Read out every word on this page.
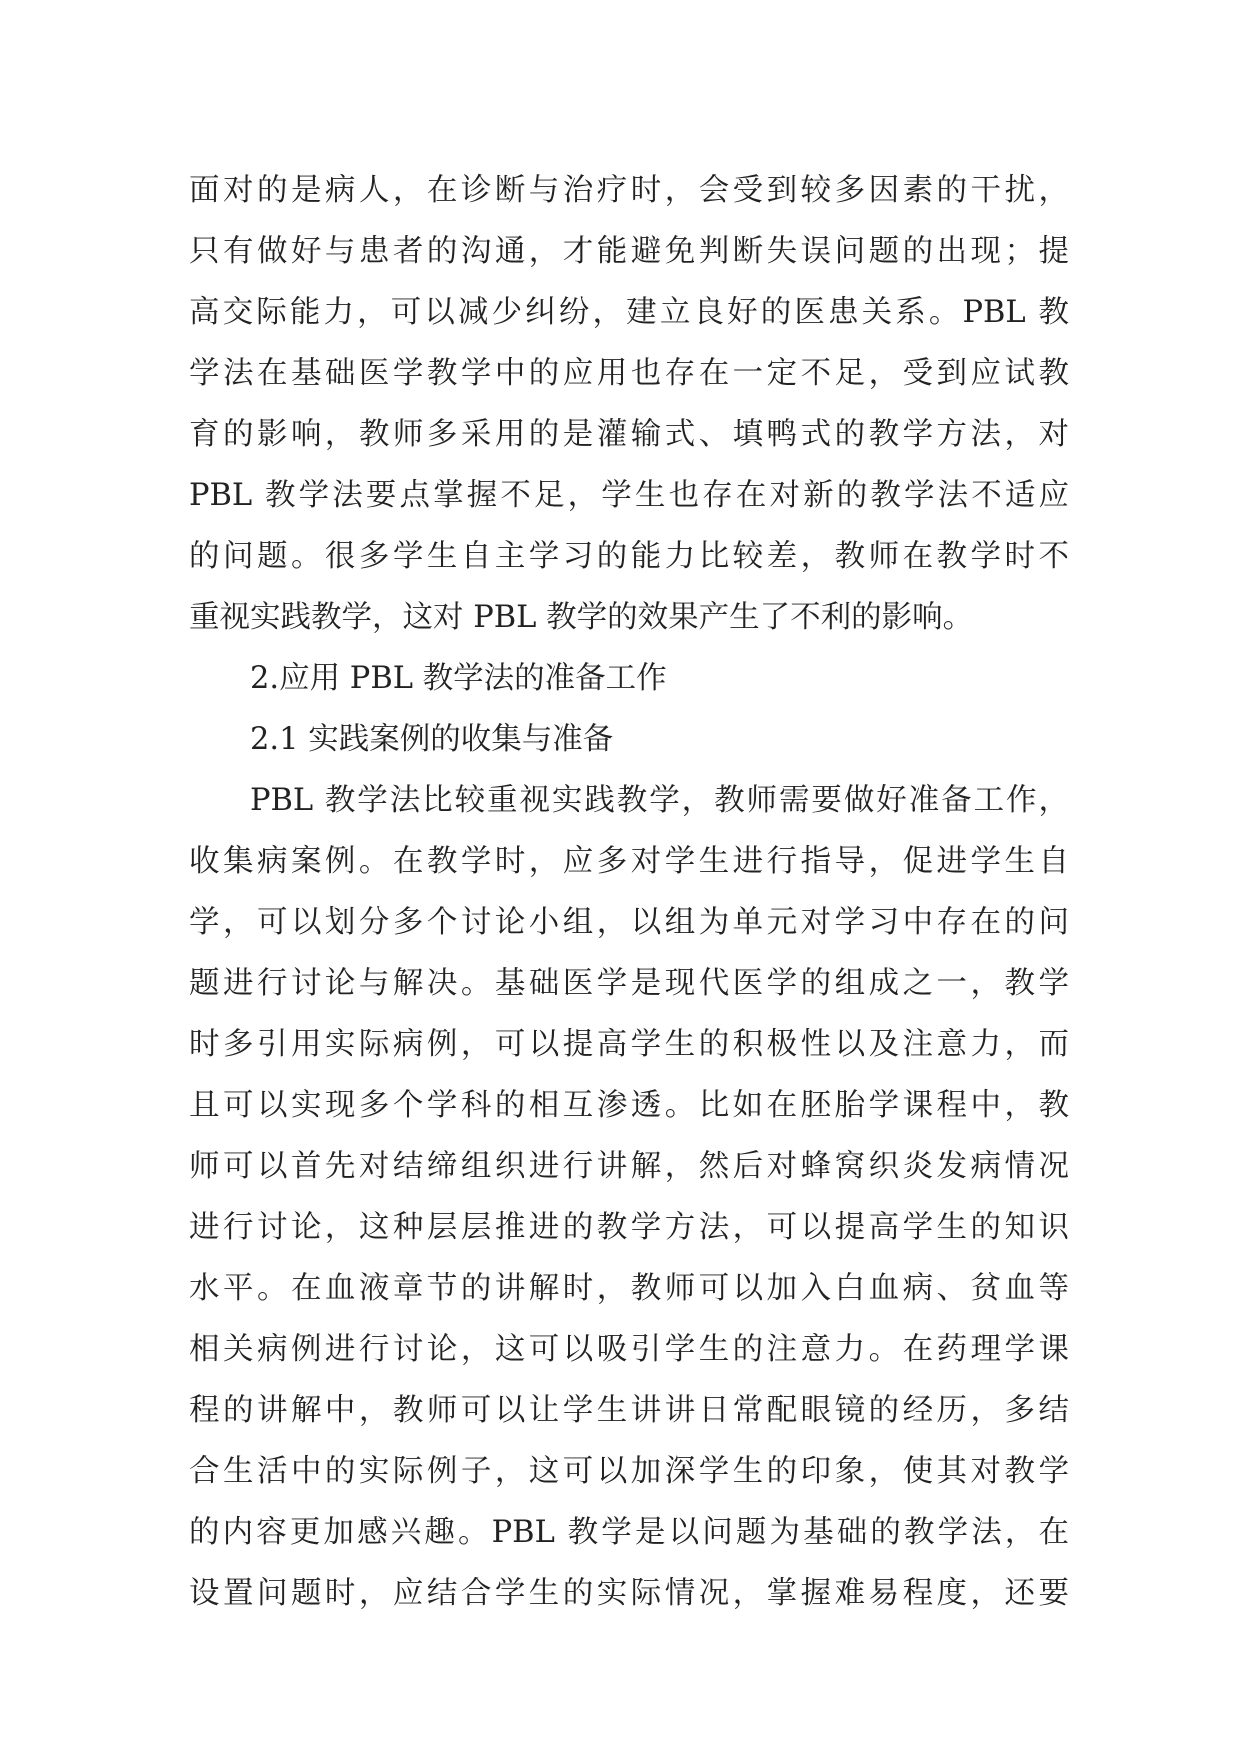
面对的是病人，在诊断与治疗时，会受到较多因素的干扰，
只有做好与患者的沟通，才能避免判断失误问题的出现；提
高交际能力，可以减少纠纷，建立良好的医患关系。PBL 教
学法在基础医学教学中的应用也存在一定不足，受到应试教
育的影响，教师多采用的是灌输式、填鸭式的教学方法，对
PBL 教学法要点掌握不足，学生也存在对新的教学法不适应
的问题。很多学生自主学习的能力比较差，教师在教学时不
重视实践教学，这对 PBL 教学的效果产生了不利的影响。
2.应用 PBL 教学法的准备工作
2.1 实践案例的收集与准备
PBL 教学法比较重视实践教学，教师需要做好准备工作，
收集病案例。在教学时，应多对学生进行指导，促进学生自
学，可以划分多个讨论小组，以组为单元对学习中存在的问
题进行讨论与解决。基础医学是现代医学的组成之一，教学
时多引用实际病例，可以提高学生的积极性以及注意力，而
且可以实现多个学科的相互渗透。比如在胚胎学课程中，教
师可以首先对结缔组织进行讲解，然后对蜂窝织炎发病情况
进行讨论，这种层层推进的教学方法，可以提高学生的知识
水平。在血液章节的讲解时，教师可以加入白血病、贫血等
相关病例进行讨论，这可以吸引学生的注意力。在药理学课
程的讲解中，教师可以让学生讲讲日常配眼镜的经历，多结
合生活中的实际例子，这可以加深学生的印象，使其对教学
的内容更加感兴趣。PBL 教学是以问题为基础的教学法，在
设置问题时，应结合学生的实际情况，掌握难易程度，还要
